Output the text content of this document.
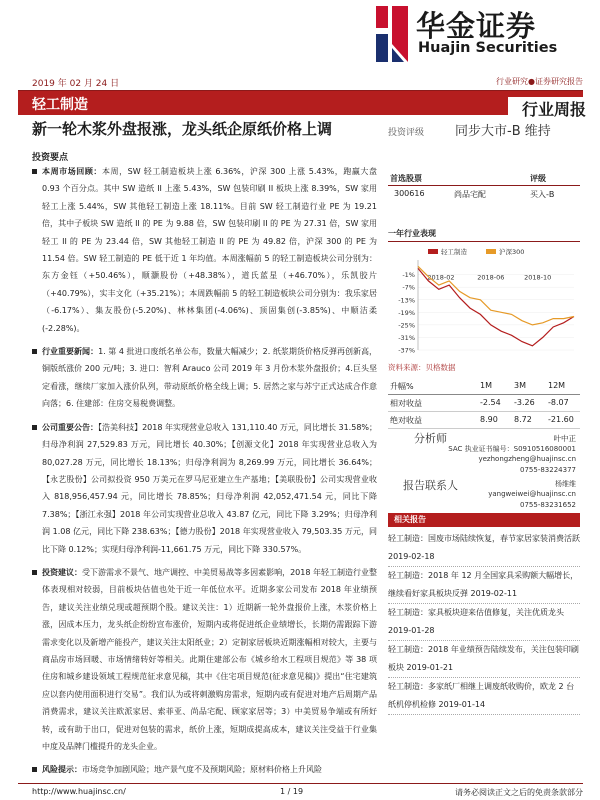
华金证券
Huajin Securities
2019 年 02 月 24 日	行业研究●证券研究报告
轻工制造	行业周报
新一轮木浆外盘报涨，龙头纸企原纸价格上调	投资评级 同步大市-B 维持
投资要点
本周市场回顾：本周，SW 轻工制造板块上涨 6.36%，沪深 300 上涨 5.43%，跑赢大盘 0.93 个百分点。其中 SW 造纸 II 上涨 5.43%，SW 包装印刷 II 板块上涨 8.39%，SW 家用轻工上涨 5.44%，SW 其他轻工制造上涨 18.11%。目前 SW 轻工制造行业 PE 为 19.21 倍，其中子板块 SW 造纸 II 的 PE 为 9.88 倍，SW 包装印刷 II 的 PE 为 27.31 倍，SW 家用轻工 II 的 PE 为 23.44 倍，SW 其他轻工制造 II 的 PE 为 49.82 倍，沪深 300 的 PE 为 11.54 倍。SW 轻工制造的 PE 低于近 1 年均值。本周涨幅前 5 的轻工制造板块公司分别为：东方金钰（+50.46%），顺灏股份（+48.38%），道氏蓝星（+46.70%），乐凯胶片（+40.79%），实丰文化（+35.21%）；本周跌幅前 5 的轻工制造板块公司分别为：我乐家居（-6.17%）、集友股份(-5.20%)、林林集团(-4.06%)、顶固集创(-3.85%)、中顺洁柔(-2.28%)。
行业重要新闻：1. 第 4 批进口废纸名单公布，数量大幅减少；2. 纸浆期货价格反弹再创新高，铜版纸涨价 200 元/吨；3. 进口：智利 Arauco 公司 2019 年 3 月份木浆外盘报价；4.巨头坚定看涨，继续厂家加入涨价队列，带动原纸价格全线上调；5. 居然之家与苏宁正式达成合作意向落；6. 住建部：住房交易税费调整。
公司重要公告：【浩美科技】2018 年实现营业总收入 131,110.40 万元，同比增长 31.58%；归母净利润 27,529.83 万元，同比增长 40.30%；【创源文化】2018 年实现营业总收入为 80,027.28 万元，同比增长 18.13%；归母净利润为 8,269.99 万元，同比增长 36.64%；【永艺股份】公司拟投资 950 万美元在罗马尼亚建立生产基地；【美联股份】公司实现营业收入 818,956,457.94 元，同比增长 78.85%；归母净利润 42,052,471.54 元，同比下降 7.38%；【浙江永强】2018 年公司实现营业总收入 43.87 亿元，同比下降 3.29%；归母净利润 1.08 亿元，同比下降 238.63%；【德力股份】2018 年实现营业收入 79,503.35 万元，同比下降 0.12%；实现归母净利润-11,661.75 万元，同比下降 330.57%。
投资建议：受下游需求不景气、地产调控、中美贸易战等多因素影响，2018 年轻工制造行业整体表现相对较弱，目前板块估值也处于近一年低位水平。近期多家公司发布 2018 年业绩预告，建议关注业绩兑现或超预期个股。建议关注：1）近期新一轮外盘报价上涨，木浆价格上涨，因成本压力，龙头纸企纷纷宣布涨价，短期内或将促进纸企业绩增长，长期仍需跟踪下游需求变化以及新增产能投产，建议关注太阳纸业；2）定制家居板块近期涨幅相对较大，主要与商品房市场回暖、市场情绪转好等相关。此期住建部公布《城乡给水工程项目规范》等 38 项住房和城乡建设领域工程规范征求意见稿，其中《住宅项目规范(征求意见稿)》提出“住宅建筑应以套内使用面积进行交易”。我们认为或将刺激购房需求，短期内或有促进对地产后周期产品消费需求，建议关注欧派家居、索菲亚、尚品宅配、顾家家居等；3）中美贸易争端或有所好转，或有助于出口，促进对包装的需求，纸价上涨，短期成提高成本，建议关注受益于行业集中度及品牌门槛提升的龙头企业。
风险提示：市场竞争加剧风险；地产景气度不及预期风险；原材料价格上升风险
首选股票	评级
300616	尚品宅配	买入-B
一年行业表现
轻工制造	沪深300
-1%
-7%
-13%
-19%
-25%
-31%
-37%
2018-02	2018-06	2018-10
资料来源：贝格数据
升幅%	1M	3M	12M
相对收益	-2.54 -3.26 -8.07
绝对收益	8.90 8.72 -21.60
分析师	叶中正
SAC 执业证书编号：S0910516080001
yezhongzheng@huajinsc.cn
0755-83224377
报告联系人	杨维维
yangweiwei@huajinsc.cn
0755-83231652
相关报告
轻工制造：国废市场陆续恢复，春节家居家装消费活跃 2019-02-18
轻工制造：2018 年 12 月全国家具采购额大幅增长，继续看好家具板块反弹 2019-02-11
轻工制造：家具板块迎来估值修复，关注优质龙头 2019-01-28
轻工制造：2018 年业绩预告陆续发布，关注包装印刷板块 2019-01-21
轻工制造：多家纸厂相继上调废纸收购价，欧龙 2 台纸机停机检修 2019-01-14
http://www.huajinsc.cn/	1 / 19	请务必阅读正文之后的免责条款部分
